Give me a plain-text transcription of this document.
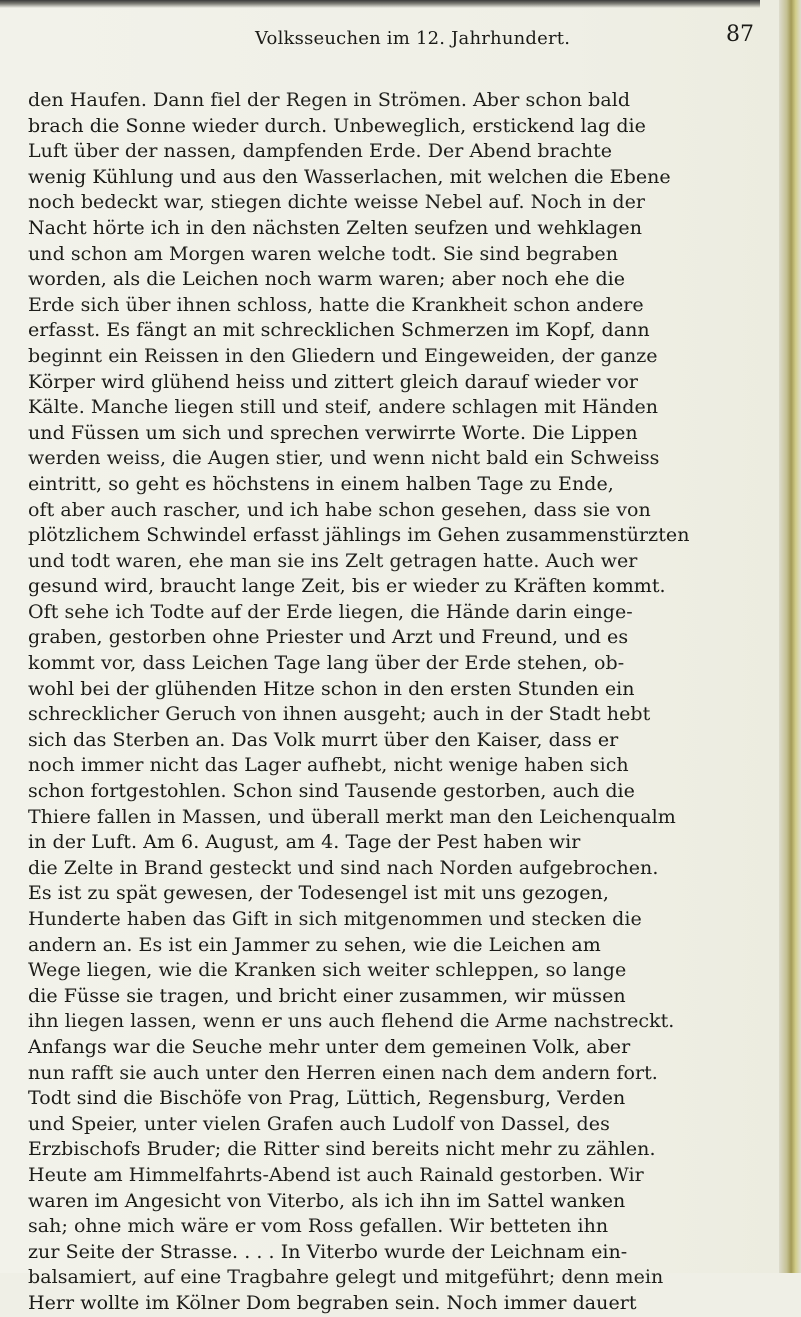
Volksseuchen im 12. Jahrhundert.	87
den Haufen. Dann fiel der Regen in Strömen. Aber schon bald
brach die Sonne wieder durch. Unbeweglich, erstickend lag die
Luft über der nassen, dampfenden Erde. Der Abend brachte
wenig Kühlung und aus den Wasserlachen, mit welchen die Ebene
noch bedeckt war, stiegen dichte weisse Nebel auf. Noch in der
Nacht hörte ich in den nächsten Zelten seufzen und wehklagen
und schon am Morgen waren welche todt. Sie sind begraben
worden, als die Leichen noch warm waren; aber noch ehe die
Erde sich über ihnen schloss, hatte die Krankheit schon andere
erfasst. Es fängt an mit schrecklichen Schmerzen im Kopf, dann
beginnt ein Reissen in den Gliedern und Eingeweiden, der ganze
Körper wird glühend heiss und zittert gleich darauf wieder vor
Kälte. Manche liegen still und steif, andere schlagen mit Händen
und Füssen um sich und sprechen verwirrte Worte. Die Lippen
werden weiss, die Augen stier, und wenn nicht bald ein Schweiss
eintritt, so geht es höchstens in einem halben Tage zu Ende,
oft aber auch rascher, und ich habe schon gesehen, dass sie von
plötzlichem Schwindel erfasst jählings im Gehen zusammenstürzten
und todt waren, ehe man sie ins Zelt getragen hatte. Auch wer
gesund wird, braucht lange Zeit, bis er wieder zu Kräften kommt.
Oft sehe ich Todte auf der Erde liegen, die Hände darin einge-
graben, gestorben ohne Priester und Arzt und Freund, und es
kommt vor, dass Leichen Tage lang über der Erde stehen, ob-
wohl bei der glühenden Hitze schon in den ersten Stunden ein
schrecklicher Geruch von ihnen ausgeht; auch in der Stadt hebt
sich das Sterben an. Das Volk murrt über den Kaiser, dass er
noch immer nicht das Lager aufhebt, nicht wenige haben sich
schon fortgestohlen. Schon sind Tausende gestorben, auch die
Thiere fallen in Massen, und überall merkt man den Leichenqualm
in der Luft. Am 6. August, am 4. Tage der Pest haben wir
die Zelte in Brand gesteckt und sind nach Norden aufgebrochen.
Es ist zu spät gewesen, der Todesengel ist mit uns gezogen,
Hunderte haben das Gift in sich mitgenommen und stecken die
andern an. Es ist ein Jammer zu sehen, wie die Leichen am
Wege liegen, wie die Kranken sich weiter schleppen, so lange
die Füsse sie tragen, und bricht einer zusammen, wir müssen
ihn liegen lassen, wenn er uns auch flehend die Arme nachstreckt.
Anfangs war die Seuche mehr unter dem gemeinen Volk, aber
nun rafft sie auch unter den Herren einen nach dem andern fort.
Todt sind die Bischöfe von Prag, Lüttich, Regensburg, Verden
und Speier, unter vielen Grafen auch Ludolf von Dassel, des
Erzbischofs Bruder; die Ritter sind bereits nicht mehr zu zählen.
Heute am Himmelfahrts-Abend ist auch Rainald gestorben. Wir
waren im Angesicht von Viterbo, als ich ihn im Sattel wanken
sah; ohne mich wäre er vom Ross gefallen. Wir betteten ihn
zur Seite der Strasse. . . . In Viterbo wurde der Leichnam ein-
balsamiert, auf eine Tragbahre gelegt und mitgeführt; denn mein
Herr wollte im Kölner Dom begraben sein. Noch immer dauert
